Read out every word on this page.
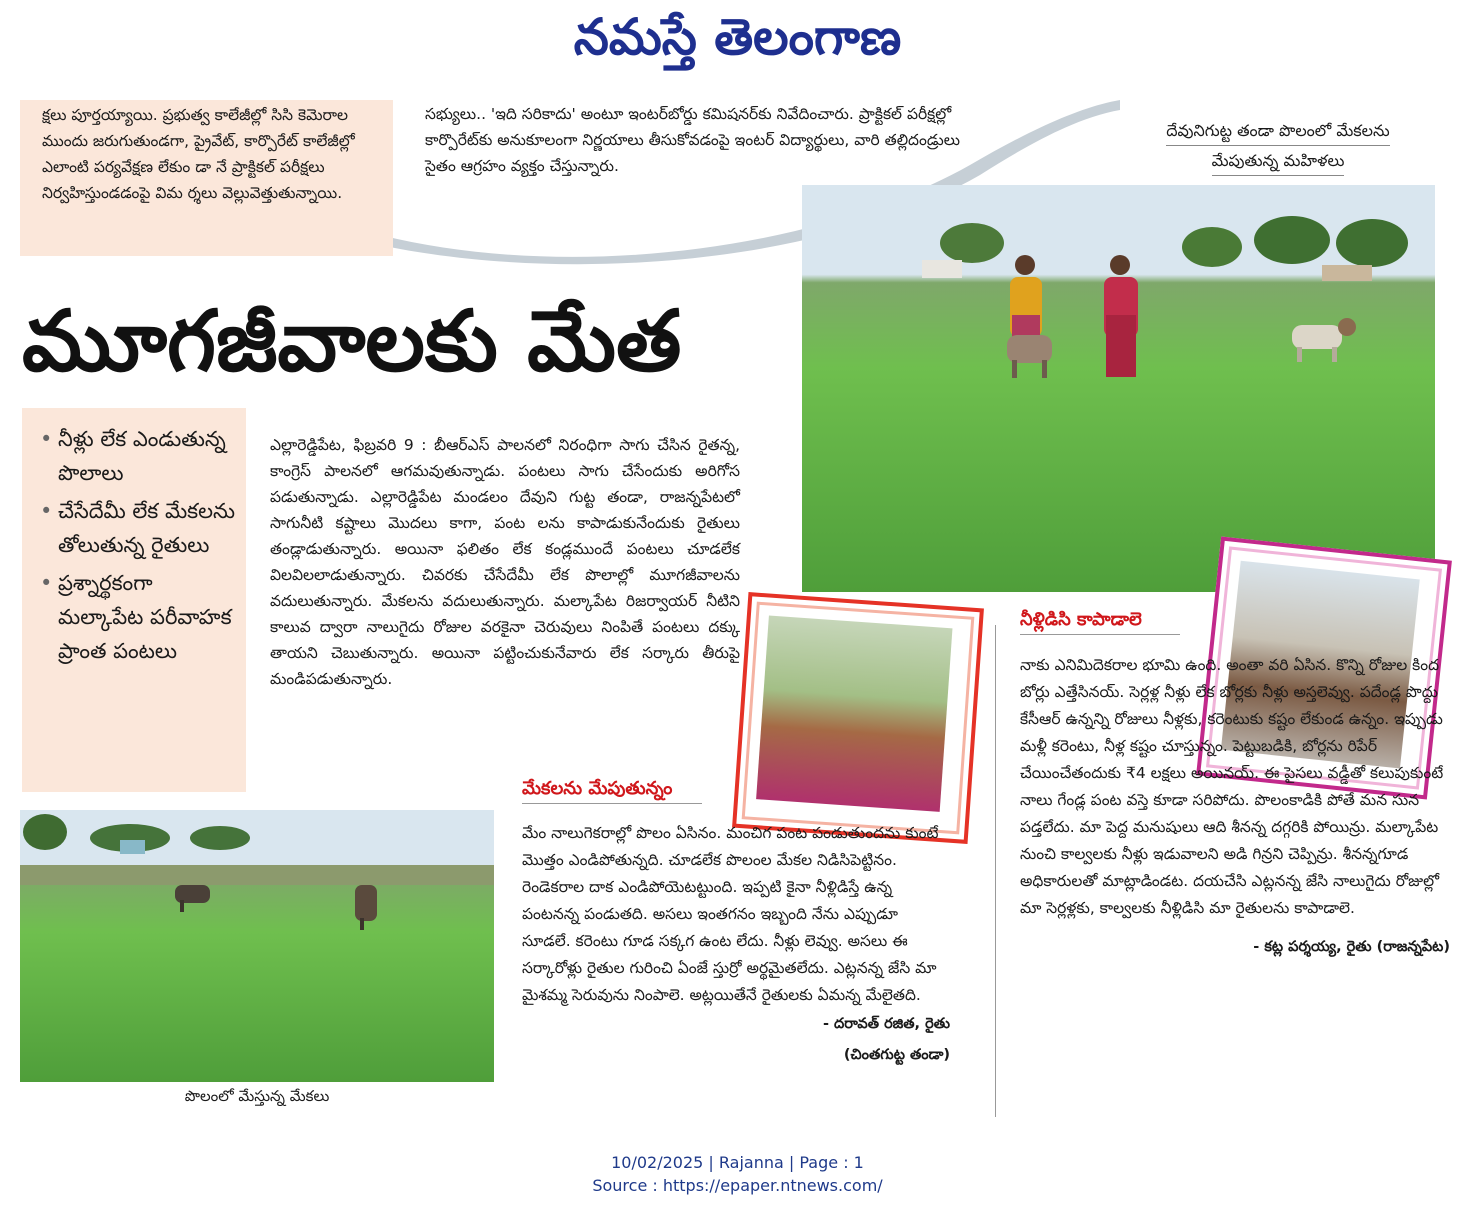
నమస్తే తెలంగాణ
క్షలు పూర్తయ్యాయి. ప్రభుత్వ కాలేజీల్లో సిసి కెమెరాల ముందు జరుగుతుండగా, ప్రైవేట్, కార్పొరేట్ కాలేజీల్లో ఎలాంటి పర్యవేక్షణ లేకుం డా నే ప్రాక్టికల్ పరీక్షలు నిర్వహిస్తుండడంపై విమ ర్శలు వెల్లువెత్తుతున్నాయి.
సభ్యులు.. 'ఇది సరికాదు' అంటూ ఇంటర్‌బోర్డు కమిషనర్‌కు నివేదించారు. ప్రాక్టికల్ పరీక్షల్లో కార్పొరేట్‌కు అనుకూలంగా నిర్ణయాలు తీసుకోవడంపై ఇంటర్ విద్యార్థులు, వారి తల్లిదండ్రులు సైతం ఆగ్రహం వ్యక్తం చేస్తున్నారు.
దేవునిగుట్ట తండా పొలంలో మేకలను
మేపుతున్న మహిళలు
మూగజీవాలకు మేత
• నీళ్లు లేక ఎండుతున్న పొలాలు
• చేసేదేమీ లేక మేకలను తోలుతున్న రైతులు
• ప్రశ్నార్థకంగా మల్కాపేట పరీవాహక ప్రాంత పంటలు
ఎల్లారెడ్డిపేట, ఫిబ్రవరి 9 : బీఆర్‌ఎస్ పాలనలో నిరంధిగా సాగు చేసిన రైతన్న, కాంగ్రెస్ పాలనలో ఆగమవుతున్నాడు. పంటలు సాగు చేసేందుకు అరిగోస పడుతున్నాడు. ఎల్లారెడ్డిపేట మండలం దేవుని గుట్ట తండా, రాజన్నపేటలో సాగునీటి కష్టాలు మొదలు కాగా, పంట లను కాపాడుకునేందుకు రైతులు తండ్లాడుతున్నారు. అయినా ఫలితం లేక కండ్లముందే పంటలు చూడలేక విలవిలలాడుతున్నారు. చివరకు చేసేదేమీ లేక పొలాల్లో మూగజీవాలను వదులుతున్నారు. మేకలను వదులుతున్నారు. మల్కాపేట రిజర్వాయర్ నీటిని కాలువ ద్వారా నాలుగైదు రోజుల వరకైనా చెరువులు నింపితే పంటలు దక్కు తాయని చెబుతున్నారు. అయినా పట్టించుకునేవారు లేక సర్కారు తీరుపై మండిపడుతున్నారు.
మేకలను మేపుతున్నం
మేం నాలుగెకరాల్లో పొలం ఏసినం. మంచిగ పంట పండుతుందను కుంటే మొత్తం ఎండిపోతున్నది. చూడలేక పొలంల మేకల నిడిసిపెట్టినం. రెండెకరాల దాక ఎండిపోయెటట్టుంది. ఇప్పటి కైనా నీళ్లిడిస్తే ఉన్న పంటనన్న పండుతది. అసలు ఇంతగనం ఇబ్బంది నేను ఎప్పుడూ సూడలే. కరెంటు గూడ సక్కగ ఉంట లేదు. నీళ్లు లెవ్వు. అసలు ఈ సర్కారోళ్లు రైతుల గురించి ఏంజే స్తుర్రో అర్థమైతలేదు. ఎట్లనన్న జేసి మా మైశమ్మ సెరువును నింపాలె. అట్లయితేనే రైతులకు ఏమన్న మేలైతది.
- దరావత్ రజిత, రైతు
(చింతగుట్ట తండా)
నీళ్లిడిసి కాపాడాలె
నాకు ఎనిమిదెకరాల భూమి ఉంది. అంతా వరి ఏసిన. కొన్ని రోజుల కింద బోర్లు ఎత్తేసినయ్. సెర్లళ్ల నీళ్లు లేక బోర్లకు నీళ్లు అస్తలెవ్వు. పదేండ్ల పొద్దు కేసీఆర్ ఉన్నన్ని రోజులు నీళ్లకు, కరెంటుకు కష్టం లేకుండ ఉన్నం. ఇప్పుడు మళ్లీ కరెంటు, నీళ్ల కష్టం చూస్తున్నం. పెట్టుబడికి, బోర్లను రిపేర్ చేయించేతందుకు ₹4 లక్షలు అయినయ్. ఈ పైసలు వడ్డీతో కలుపుకుంటే నాలు గేండ్ల పంట వస్తె కూడా సరిపోదు. పొలంకాడికి పోతే మన సున పడ్తలేదు. మా పెద్ద మనుషులు ఆది శీనన్న దగ్గరికి పోయిన్రు. మల్కాపేట నుంచి కాల్వలకు నీళ్లు ఇడువాలని అడి గిన్రని చెప్పిన్రు. శీనన్నగూడ అధికారులతో మాట్లాడిండట. దయచేసి ఎట్లనన్న జేసి నాలుగైదు రోజుల్లో మా సెర్లళ్లకు, కాల్వలకు నీళ్లిడిసి మా రైతులను కాపాడాలె.
- కట్ల పర్శయ్య, రైతు (రాజన్నపేట)
పొలంలో మేస్తున్న మేకలు
10/02/2025 | Rajanna | Page : 1
Source : https://epaper.ntnews.com/
